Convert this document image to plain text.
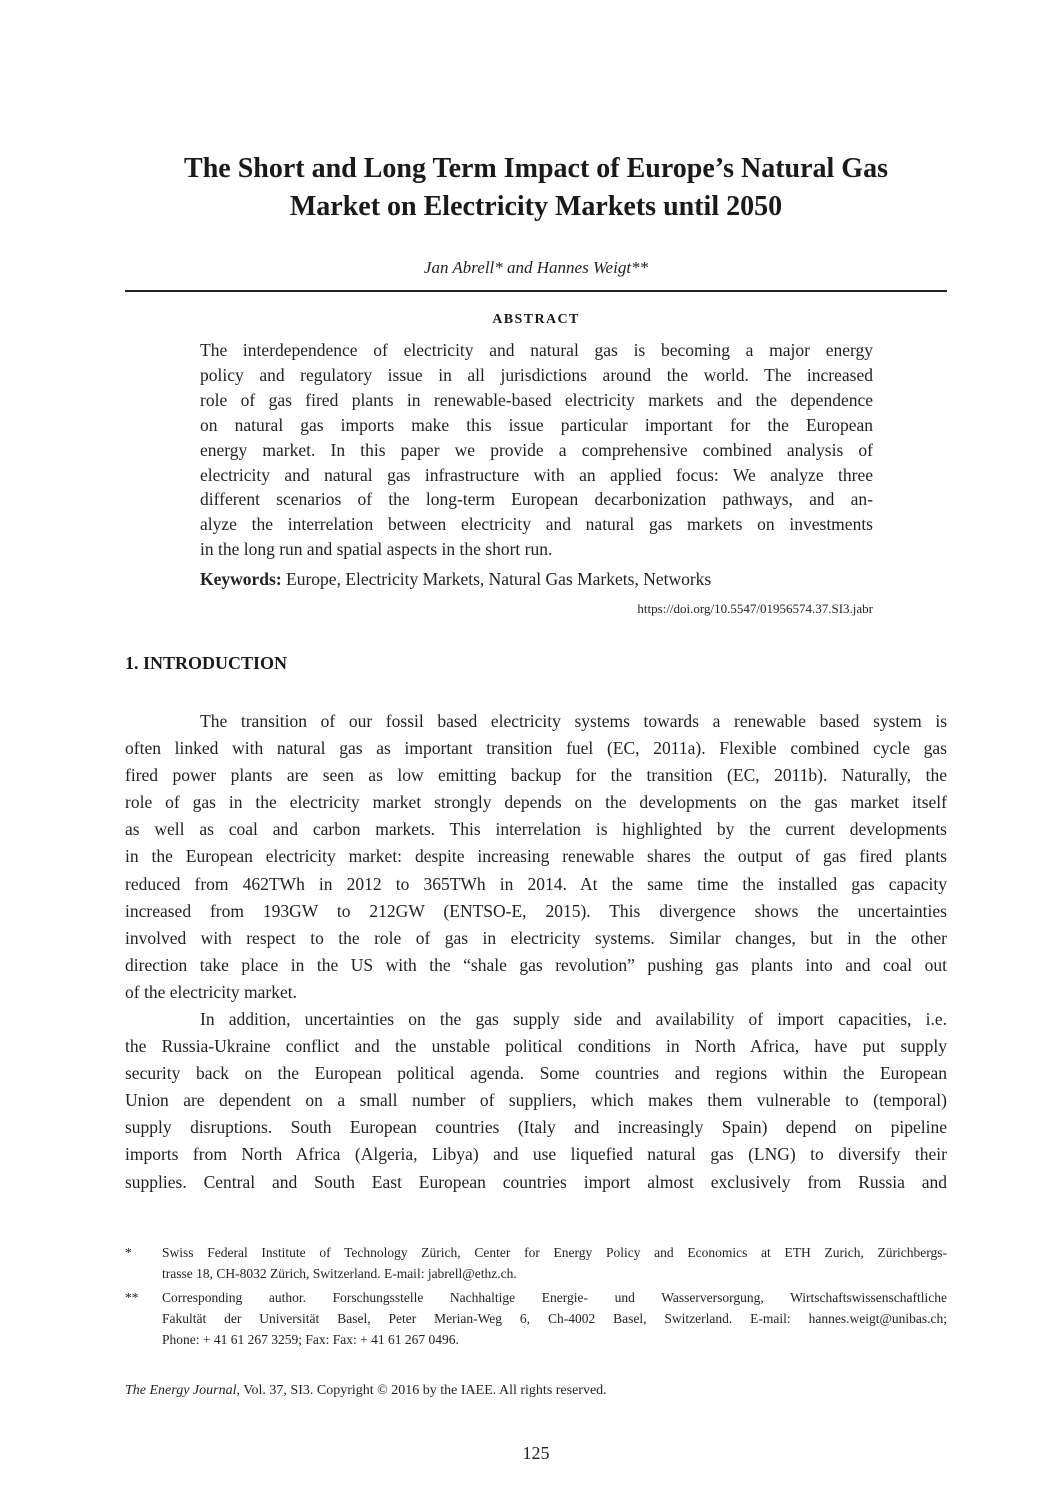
The Short and Long Term Impact of Europe’s Natural Gas
Market on Electricity Markets until 2050
Jan Abrell* and Hannes Weigt**
ABSTRACT
The interdependence of electricity and natural gas is becoming a major energy
policy and regulatory issue in all jurisdictions around the world. The increased
role of gas fired plants in renewable-based electricity markets and the dependence
on natural gas imports make this issue particular important for the European
energy market. In this paper we provide a comprehensive combined analysis of
electricity and natural gas infrastructure with an applied focus: We analyze three
different scenarios of the long-term European decarbonization pathways, and an-
alyze the interrelation between electricity and natural gas markets on investments
in the long run and spatial aspects in the short run.
Keywords: Europe, Electricity Markets, Natural Gas Markets, Networks
https://doi.org/10.5547/01956574.37.SI3.jabr
1. INTRODUCTION
The transition of our fossil based electricity systems towards a renewable based system is
often linked with natural gas as important transition fuel (EC, 2011a). Flexible combined cycle gas
fired power plants are seen as low emitting backup for the transition (EC, 2011b). Naturally, the
role of gas in the electricity market strongly depends on the developments on the gas market itself
as well as coal and carbon markets. This interrelation is highlighted by the current developments
in the European electricity market: despite increasing renewable shares the output of gas fired plants
reduced from 462TWh in 2012 to 365TWh in 2014. At the same time the installed gas capacity
increased from 193GW to 212GW (ENTSO-E, 2015). This divergence shows the uncertainties
involved with respect to the role of gas in electricity systems. Similar changes, but in the other
direction take place in the US with the “shale gas revolution” pushing gas plants into and coal out
of the electricity market.
In addition, uncertainties on the gas supply side and availability of import capacities, i.e.
the Russia-Ukraine conflict and the unstable political conditions in North Africa, have put supply
security back on the European political agenda. Some countries and regions within the European
Union are dependent on a small number of suppliers, which makes them vulnerable to (temporal)
supply disruptions. South European countries (Italy and increasingly Spain) depend on pipeline
imports from North Africa (Algeria, Libya) and use liquefied natural gas (LNG) to diversify their
supplies. Central and South East European countries import almost exclusively from Russia and
* Swiss Federal Institute of Technology Zürich, Center for Energy Policy and Economics at ETH Zurich, Zürichbergs-
trasse 18, CH-8032 Zürich, Switzerland. E-mail: jabrell@ethz.ch.
** Corresponding author. Forschungsstelle Nachhaltige Energie- und Wasserversorgung, Wirtschaftswissenschaftliche
Fakultät der Universität Basel, Peter Merian-Weg 6, Ch-4002 Basel, Switzerland. E-mail: hannes.weigt@unibas.ch;
Phone: + 41 61 267 3259; Fax: Fax: + 41 61 267 0496.
The Energy Journal, Vol. 37, SI3. Copyright © 2016 by the IAEE. All rights reserved.
125
